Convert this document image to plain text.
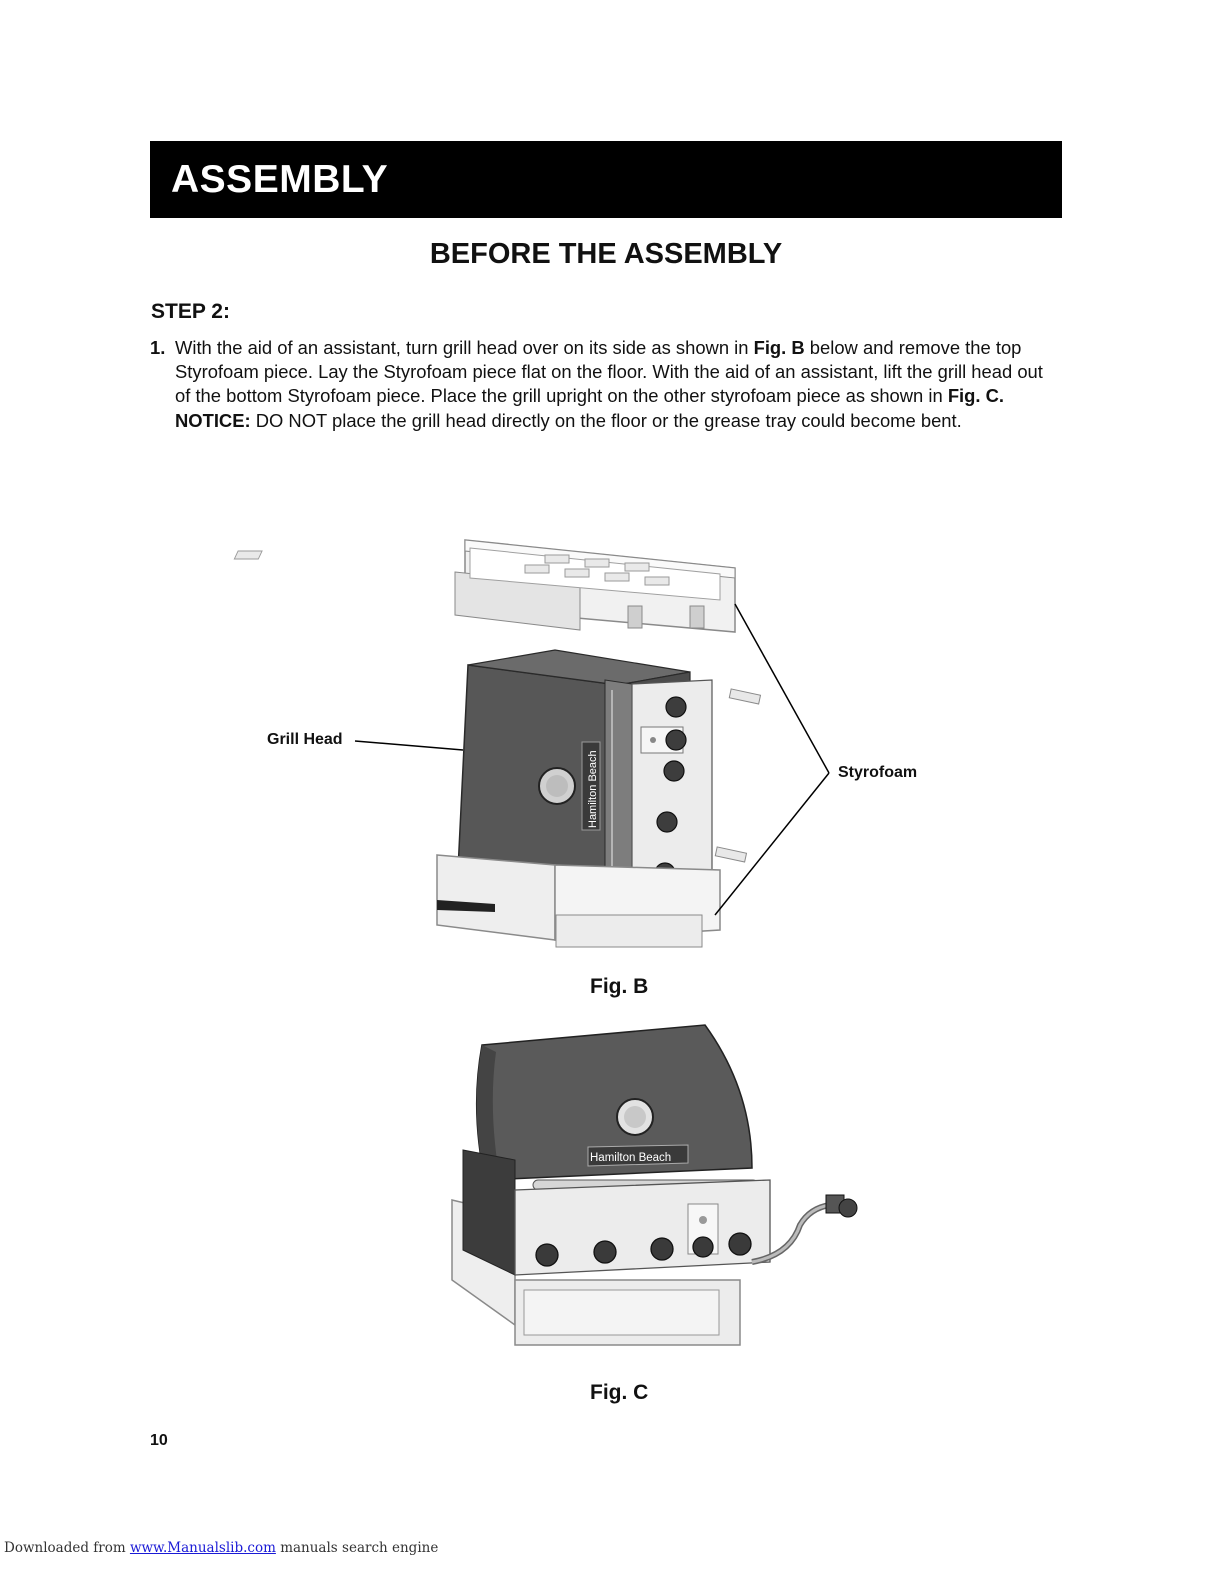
ASSEMBLY
BEFORE THE ASSEMBLY
STEP 2:
1. With the aid of an assistant, turn grill head over on its side as shown in Fig. B below and remove the top Styrofoam piece. Lay the Styrofoam piece flat on the floor. With the aid of an assistant, lift the grill head out of the bottom Styrofoam piece. Place the grill upright on the other styrofoam piece as shown in Fig. C.
NOTICE: DO NOT place the grill head directly on the floor or the grease tray could become bent.
Hamilton Beach
Hamilton Beach
Grill Head
Styrofoam
Fig. B
Fig. C
10
Downloaded from www.Manualslib.com manuals search engine
